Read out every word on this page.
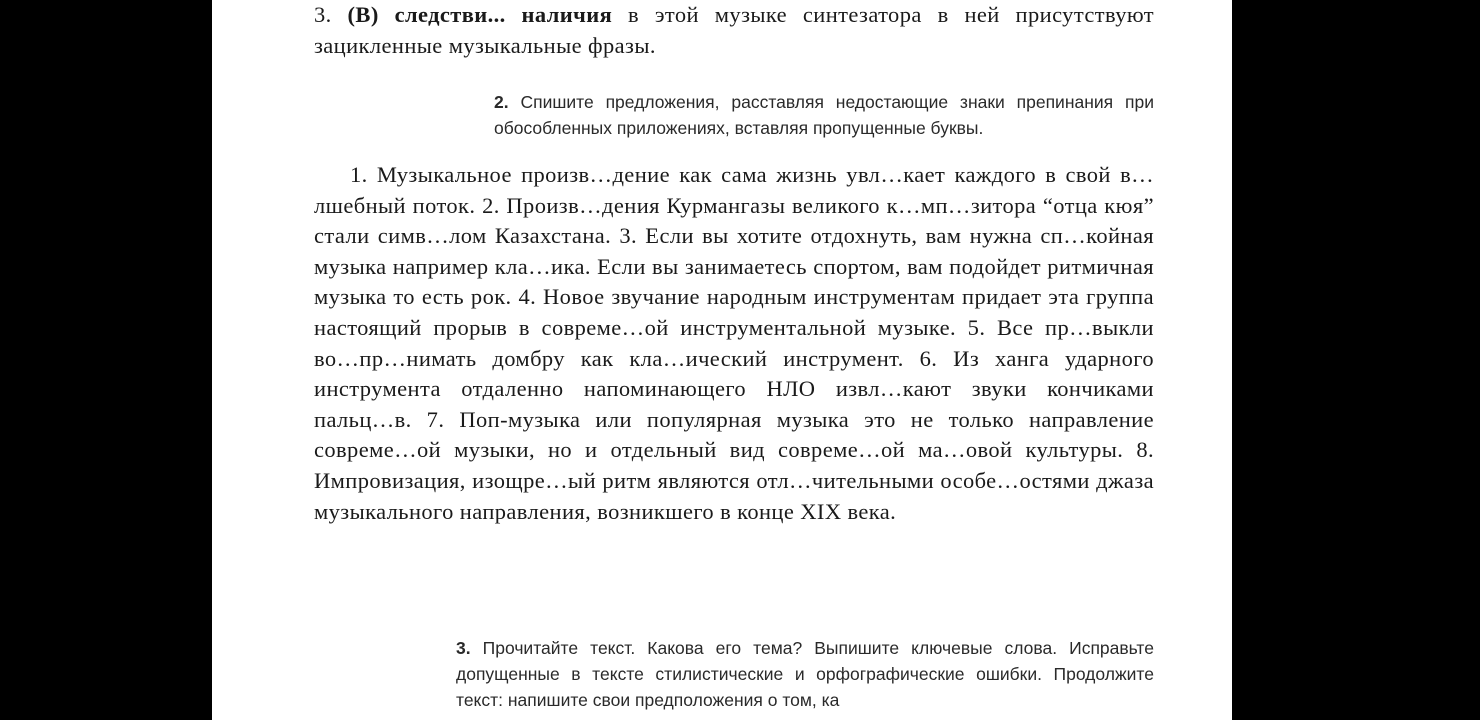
3. (B) следстви... наличия в этой музыке синтезатора в ней присутствуют зацикленные музыкальные фразы.
2. Спишите предложения, расставляя недостающие знаки препинания при обособленных приложениях, вставляя пропущенные буквы.
1. Музыкальное произв…дение как сама жизнь увл…кает каждого в свой в…лшебный поток. 2. Произв…дения Курмангазы великого к…мп…зитора “отца кюя” стали симв…лом Казахстана. 3. Если вы хотите отдохнуть, вам нужна сп…койная музыка например кла…ика. Если вы занимаетесь спортом, вам подойдет ритмичная музыка то есть рок. 4. Новое звучание народным инструментам придает эта группа настоящий прорыв в совреме…ой инструментальной музыке. 5. Все пр…выкли во…пр…нимать домбру как кла…ический инструмент. 6. Из ханга ударного инструмента отдаленно напоминающего НЛО извл…кают звуки кончиками пальц…в. 7. Поп-музыка или популярная музыка это не только направление совреме…ой музыки, но и отдельный вид совреме…ой ма…овой культуры. 8. Импровизация, изощре…ый ритм являются отл…чительными особе…остями джаза музыкального направления, возникшего в конце XIX века.
3. Прочитайте текст. Какова его тема? Выпишите ключевые слова. Исправьте допущенные в тексте стилистические и орфографические ошибки. Продолжите текст: напишите свои предположения о том, ка
